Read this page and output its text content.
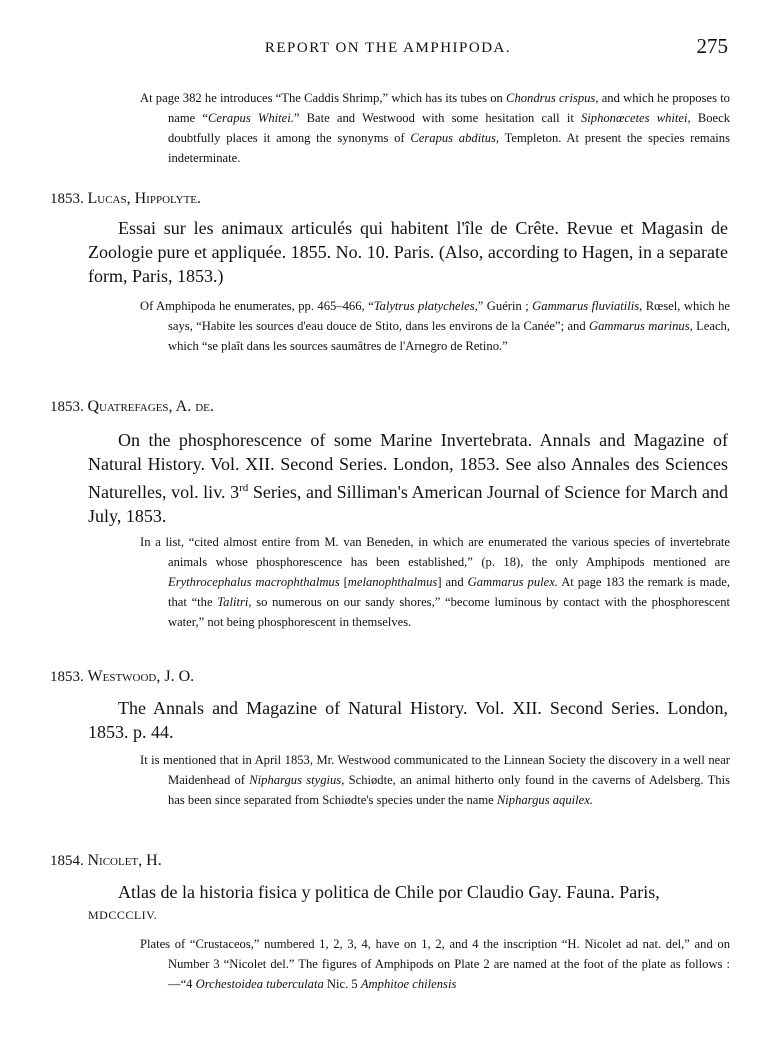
REPORT ON THE AMPHIPODA.	275

At page 382 he introduces “The Caddis Shrimp,” which has its tubes on Chondrus crispus, and which he proposes to name “Cerapus Whitei.” Bate and Westwood with some hesitation call it Siphonœcetes whitei, Boeck doubtfully places it among the synonyms of Cerapus abditus, Templeton. At present the species remains indeterminate.

1853. Lucas, Hippolyte.

Essai sur les animaux articulés qui habitent l'île de Crête. Revue et Magasin de Zoologie pure et appliquée. 1855. No. 10. Paris. (Also, according to Hagen, in a separate form, Paris, 1853.)

Of Amphipoda he enumerates, pp. 465–466, “Talytrus platycheles,” Guérin ; Gammarus fluviatilis, Rœsel, which he says, “Habite les sources d'eau douce de Stito, dans les environs de la Canée”; and Gammarus marinus, Leach, which “se plaît dans les sources saumâtres de l'Arnegro de Retino.”

1853. Quatrefages, A. de.

On the phosphorescence of some Marine Invertebrata. Annals and Magazine of Natural History. Vol. XII. Second Series. London, 1853. See also Annales des Sciences Naturelles, vol. liv. 3rd Series, and Silliman's American Journal of Science for March and July, 1853.

In a list, “cited almost entire from M. van Beneden, in which are enumerated the various species of invertebrate animals whose phosphorescence has been established,” (p. 18), the only Amphipods mentioned are Erythrocephalus macrophthalmus [melanophthalmus] and Gammarus pulex. At page 183 the remark is made, that “the Talitri, so numerous on our sandy shores,” “become luminous by contact with the phosphorescent water,” not being phosphorescent in themselves.

1853. Westwood, J. O.

The Annals and Magazine of Natural History. Vol. XII. Second Series. London, 1853. p. 44.

It is mentioned that in April 1853, Mr. Westwood communicated to the Linnean Society the discovery in a well near Maidenhead of Niphargus stygius, Schiødte, an animal hitherto only found in the caverns of Adelsberg. This has been since separated from Schiødte's species under the name Niphargus aquilex.

1854. Nicolet, H.

Atlas de la historia fisica y politica de Chile por Claudio Gay. Fauna. Paris,

MDCCCLIV.

Plates of “Crustaceos,” numbered 1, 2, 3, 4, have on 1, 2, and 4 the inscription “H. Nicolet ad nat. del,” and on Number 3 “Nicolet del.” The figures of Amphipods on Plate 2 are named at the foot of the plate as follows :—“4 Orchestoidea tuberculata Nic. 5 Amphitoe chilensis
